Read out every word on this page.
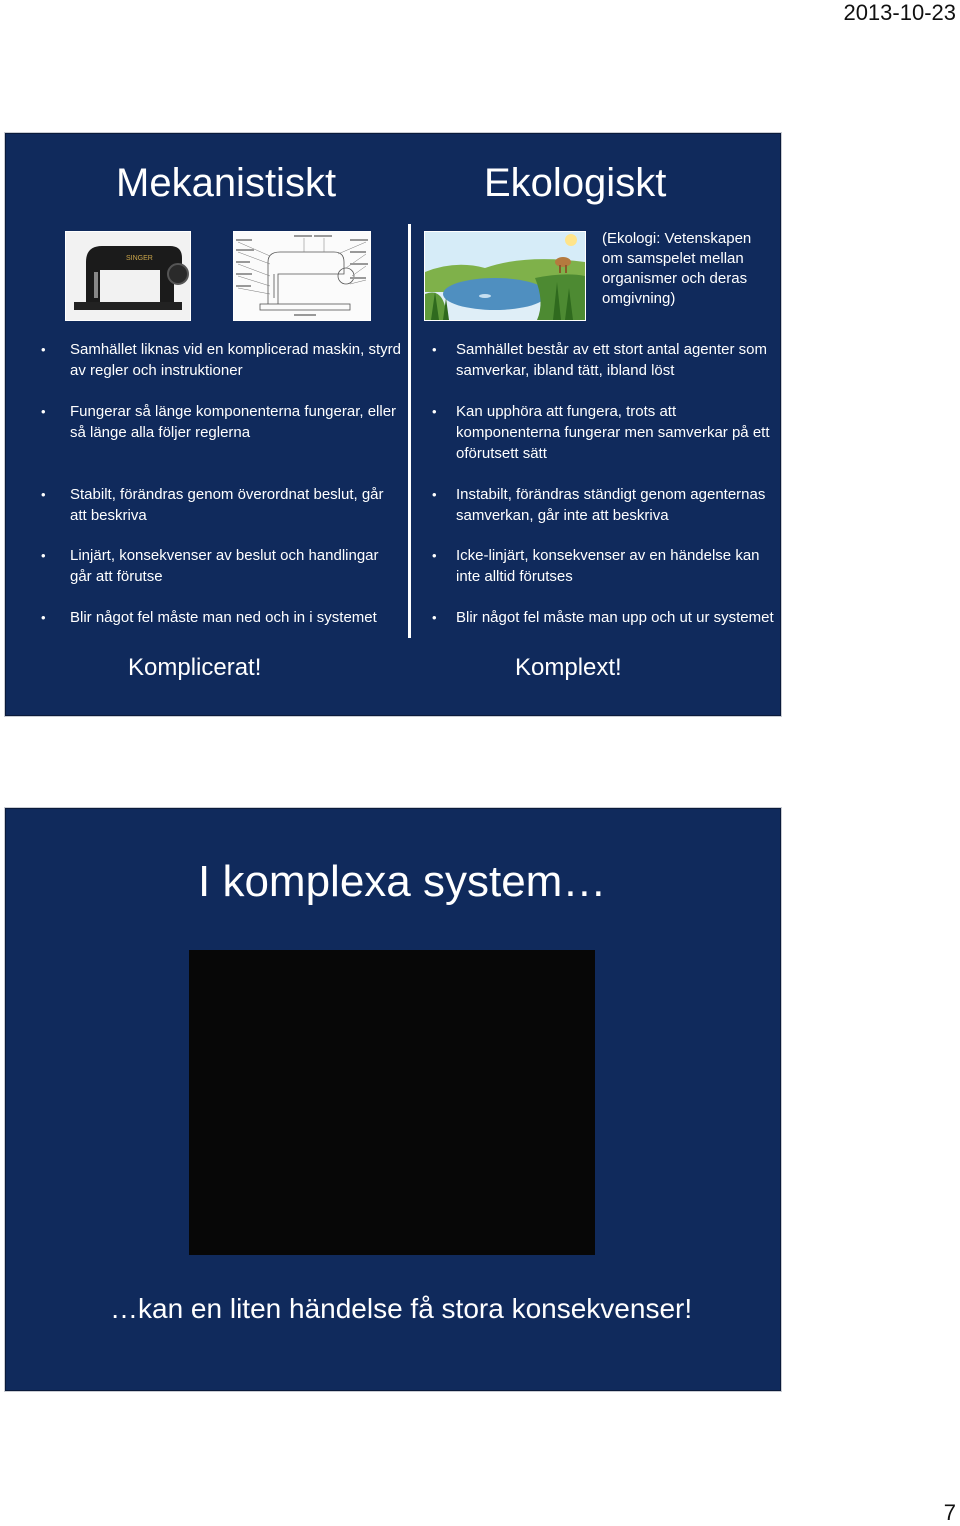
2013-10-23
Mekanistiskt	Ekologiskt
SINGER
(Ekologi: Vetenskapen om samspelet mellan organismer och deras omgivning)
• Samhället liknas vid en komplicerad maskin, styrd av regler och instruktioner
• Fungerar så länge komponenterna fungerar, eller så länge alla följer reglerna
• Stabilt, förändras genom överordnat beslut, går att beskriva
• Linjärt, konsekvenser av beslut och handlingar går att förutse
• Blir något fel måste man ned och in i systemet
• Samhället består av ett stort antal agenter som samverkar, ibland tätt, ibland löst
• Kan upphöra att fungera, trots att komponenterna fungerar men samverkar på ett oförutsett sätt
• Instabilt, förändras ständigt genom agenternas samverkan, går inte att beskriva
• Icke-linjärt, konsekvenser av en händelse kan inte alltid förutses
• Blir något fel måste man upp och ut ur systemet
Komplicerat!	Komplext!
I komplexa system…
…kan en liten händelse få stora konsekvenser!
7
